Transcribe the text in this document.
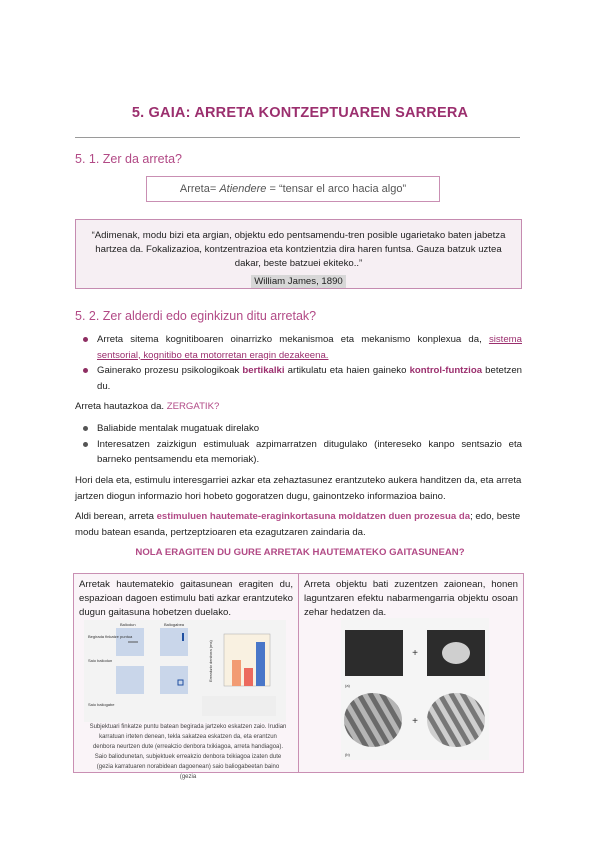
5. GAIA: ARRETA KONTZEPTUAREN SARRERA
5. 1. Zer da arreta?
Arreta= Atiendere = “tensar el arco hacia algo”
“Adimenak, modu bizi eta argian, objektu edo pentsamendu-tren posible ugarietako baten jabetza hartzea da. Fokalizazioa, kontzentrazioa eta kontzientzia dira haren funtsa. Gauza batzuk uztea dakar, beste batzuei ekiteko..”
William James, 1890
5. 2. Zer alderdi edo eginkizun ditu arretak?
Arreta sitema kognitiboaren oinarrizko mekanismoa eta mekanismo konplexua da, sistema sentsorial, kognitibo eta motorretan eragin dezakeena.
Gainerako prozesu psikologikoak bertikalki artikulatu eta haien gaineko kontrol-funtzioa betetzen du.
Arreta hautazkoa da. ZERGATIK?
Baliabide mentalak mugatuak direlako
Interesatzen zaizkigun estimuluak azpimarratzen ditugulako (intereseko kanpo sentsazio eta barneko pentsamendu eta memoriak).
Hori dela eta, estimulu interesgarriei azkar eta zehaztasunez erantzuteko aukera handitzen da, eta arreta jartzen diogun informazio hori hobeto gogoratzen dugu, gainontzeko informazioa baino.
Aldi berean, arreta estimuluen hautemate-eraginkortasuna moldatzen duen prozesua da; edo, beste modu batean esanda, pertzeptzioaren eta ezagutzaren zaindaria da.
NOLA ERAGITEN DU GURE ARRETAK HAUTEMATEKO GAITASUNEAN?
Arretak hautematekio gaitasunean eragiten du, espazioan dagoen estimulu bati azkar erantzuteko dugun gaitasuna hobetzen duelako.
Begirada finkatze puntua
Baliodun	Baliogabea
Saio baliodun
Saio baliogabe
Erreakzio denbora (ms)
Subjektuari finkatze puntu batean begirada jartzeko eskatzen zaio. Irudian karratuan irteten denean, tekla sakatzea eskatzen da, eta erantzun denbora neurtzen dute (erreakzio denbora txikiagoa, arreta handiagoa). Saio baliodunetan, subjektuek erreakzio denbora txikiagoa izaten dute (gezia karratuaren norabidean dagoenean) saio baliogabeetan baino (gezia
Arreta objektu bati zuzentzen zaionean, honen laguntzaren efektu nabarmengarria objektu osoan zehar hedatzen da.
+
(a)
+
(b)
